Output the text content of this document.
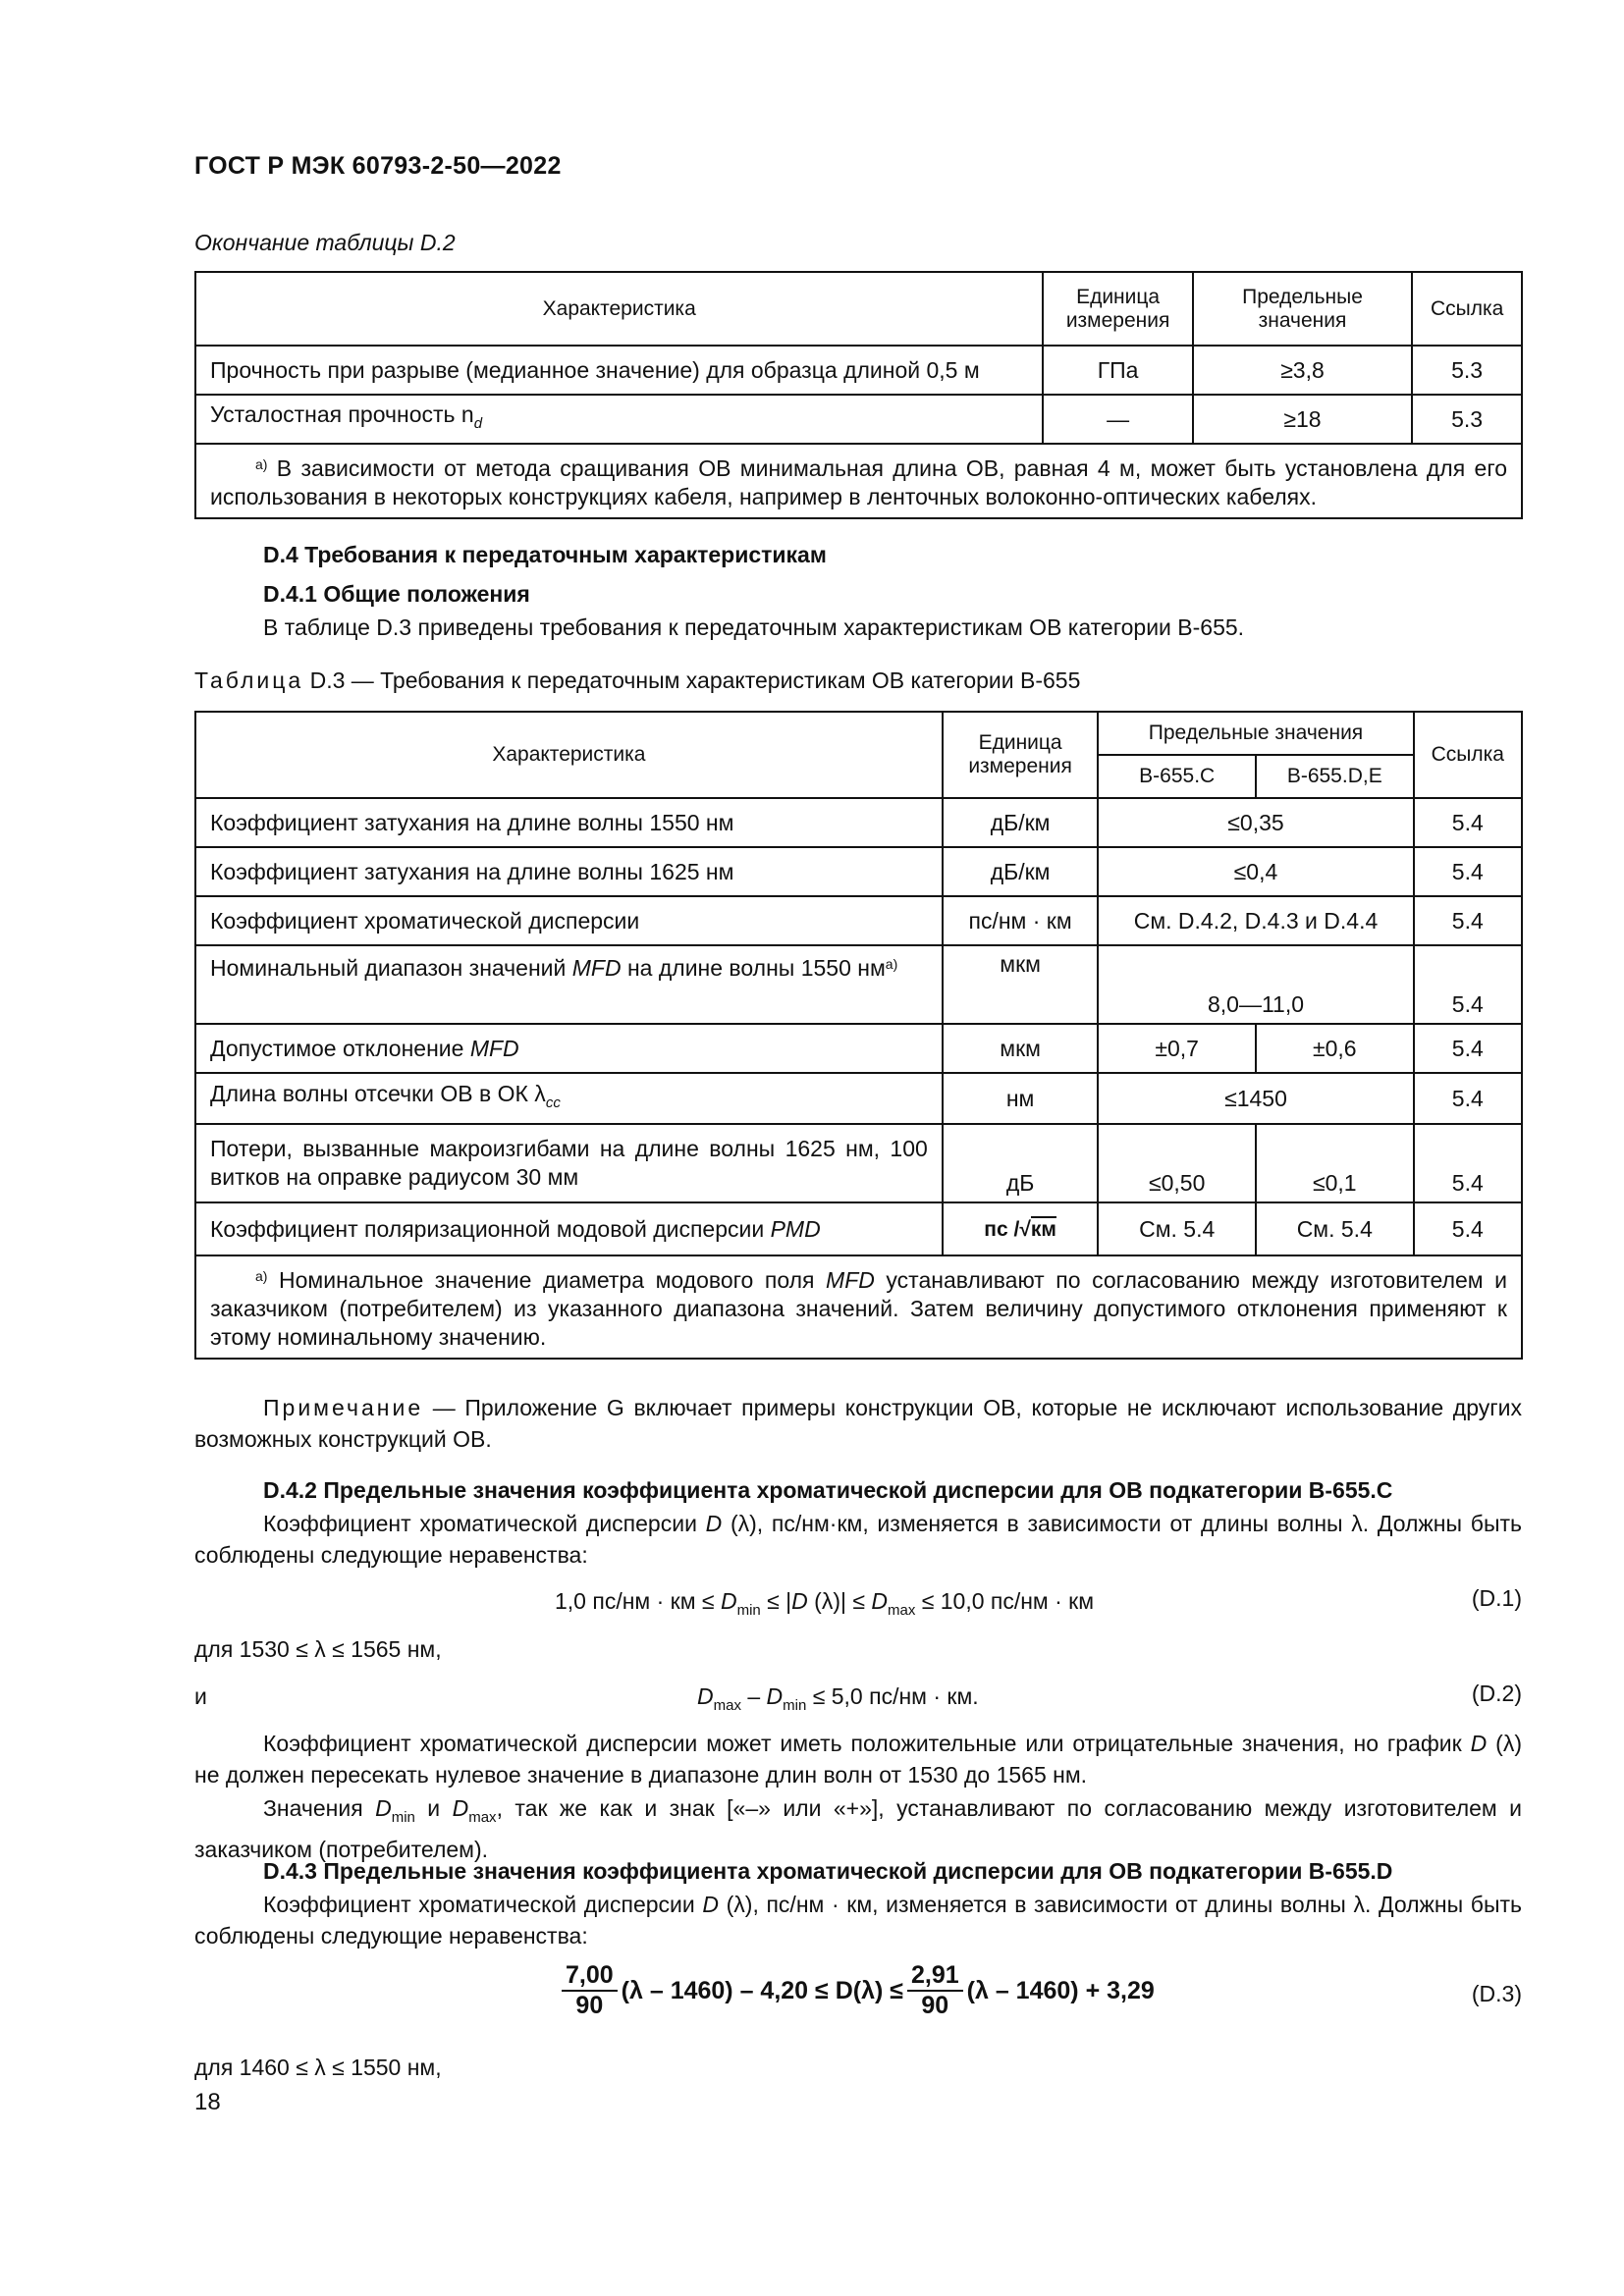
ГОСТ Р МЭК 60793-2-50—2022
Окончание таблицы D.2
Характеристика	Единица измерения	Предельные значения	Ссылка
Прочность при разрыве (медианное значение) для образца длиной 0,5 м	ГПа	≥3,8	5.3
Усталостная прочность $n_d$	—	≥18	5.3
$^{a)}$ В зависимости от метода сращивания ОВ минимальная длина ОВ, равная 4 м, может быть установлена для его использования в некоторых конструкциях кабеля, например в ленточных волоконно-оптических кабелях.			
D.4 Требования к передаточным характеристикам
D.4.1 Общие положения
В таблице D.3 приведены требования к передаточным характеристикам ОВ категории В-655.
Таблица D.3 — Требования к передаточным характеристикам ОВ категории В-655
Характеристика	Единица измерения	Предельные значения		Ссылка
		В-655.С	В-655.D,E	
Коэффициент затухания на длине волны 1550 нм	дБ/км	≤0,35		5.4
Коэффициент затухания на длине волны 1625 нм	дБ/км	≤0,4		5.4
Коэффициент хроматической дисперсии	пс/нм · км	См. D.4.2, D.4.3 и D.4.4		5.4
Номинальный диапазон значений MFD на длине волны 1550 $нм^{a)}$	мкм	8,0—11,0		5.4
Допустимое отклонение MFD	мкм	±0,7	±0,6	5.4
Длина волны отсечки ОВ в ОК $\lambda_{cc}$	нм	≤1450		5.4
Потери, вызванные макроизгибами на длине волны 1625 нм, 100 витков на оправке радиусом 30 мм	дБ	≤0,50	≤0,1	5.4
Коэффициент поляризационной модовой дисперсии PMD	пс /√км	См. 5.4	См. 5.4	5.4
$^{a)}$ Номинальное значение диаметра модового поля MFD устанавливают по согласованию между изготовителем и заказчиком (потребителем) из указанного диапазона значений. Затем величину допустимого отклонения применяют к этому номинальному значению.				
Примечание — Приложение G включает примеры конструкции ОВ, которые не исключают использование других возможных конструкций ОВ.
D.4.2 Предельные значения коэффициента хроматической дисперсии для ОВ подкатегории В-655.С
Коэффициент хроматической дисперсии D (λ), пс/нм·км, изменяется в зависимости от длины волны λ. Должны быть соблюдены следующие неравенства:
1,0 пс/нм · км ≤ $D_{min} \le |D$ $(\lambda)| \le D_{max} \le 10,0$ пс/нм · км	(D.1)
для 1530 ≤ λ ≤ 1565 нм,
и	$D_{max} - D_{min} \le 5,0$ пс/нм · км.	(D.2)
Коэффициент хроматической дисперсии может иметь положительные или отрицательные значения, но график D (λ) не должен пересекать нулевое значение в диапазоне длин волн от 1530 до 1565 нм.
Значения $D_{min}$ и $D_{max}$, так же как и знак [«–» или «+»], устанавливают по согласованию между изготовителем и заказчиком (потребителем).
D.4.3 Предельные значения коэффициента хроматической дисперсии для ОВ подкатегории В-655.D
Коэффициент хроматической дисперсии D (λ), пс/нм · км, изменяется в зависимости от длины волны λ. Должны быть соблюдены следующие неравенства:
$\frac{7,00}{90} (\lambda - 1460) - 4,20 \le D(\lambda) \le \frac{2,91}{90} (\lambda - 1460) + 3,29$	(D.3)
для 1460 ≤ λ ≤ 1550 нм,
18
